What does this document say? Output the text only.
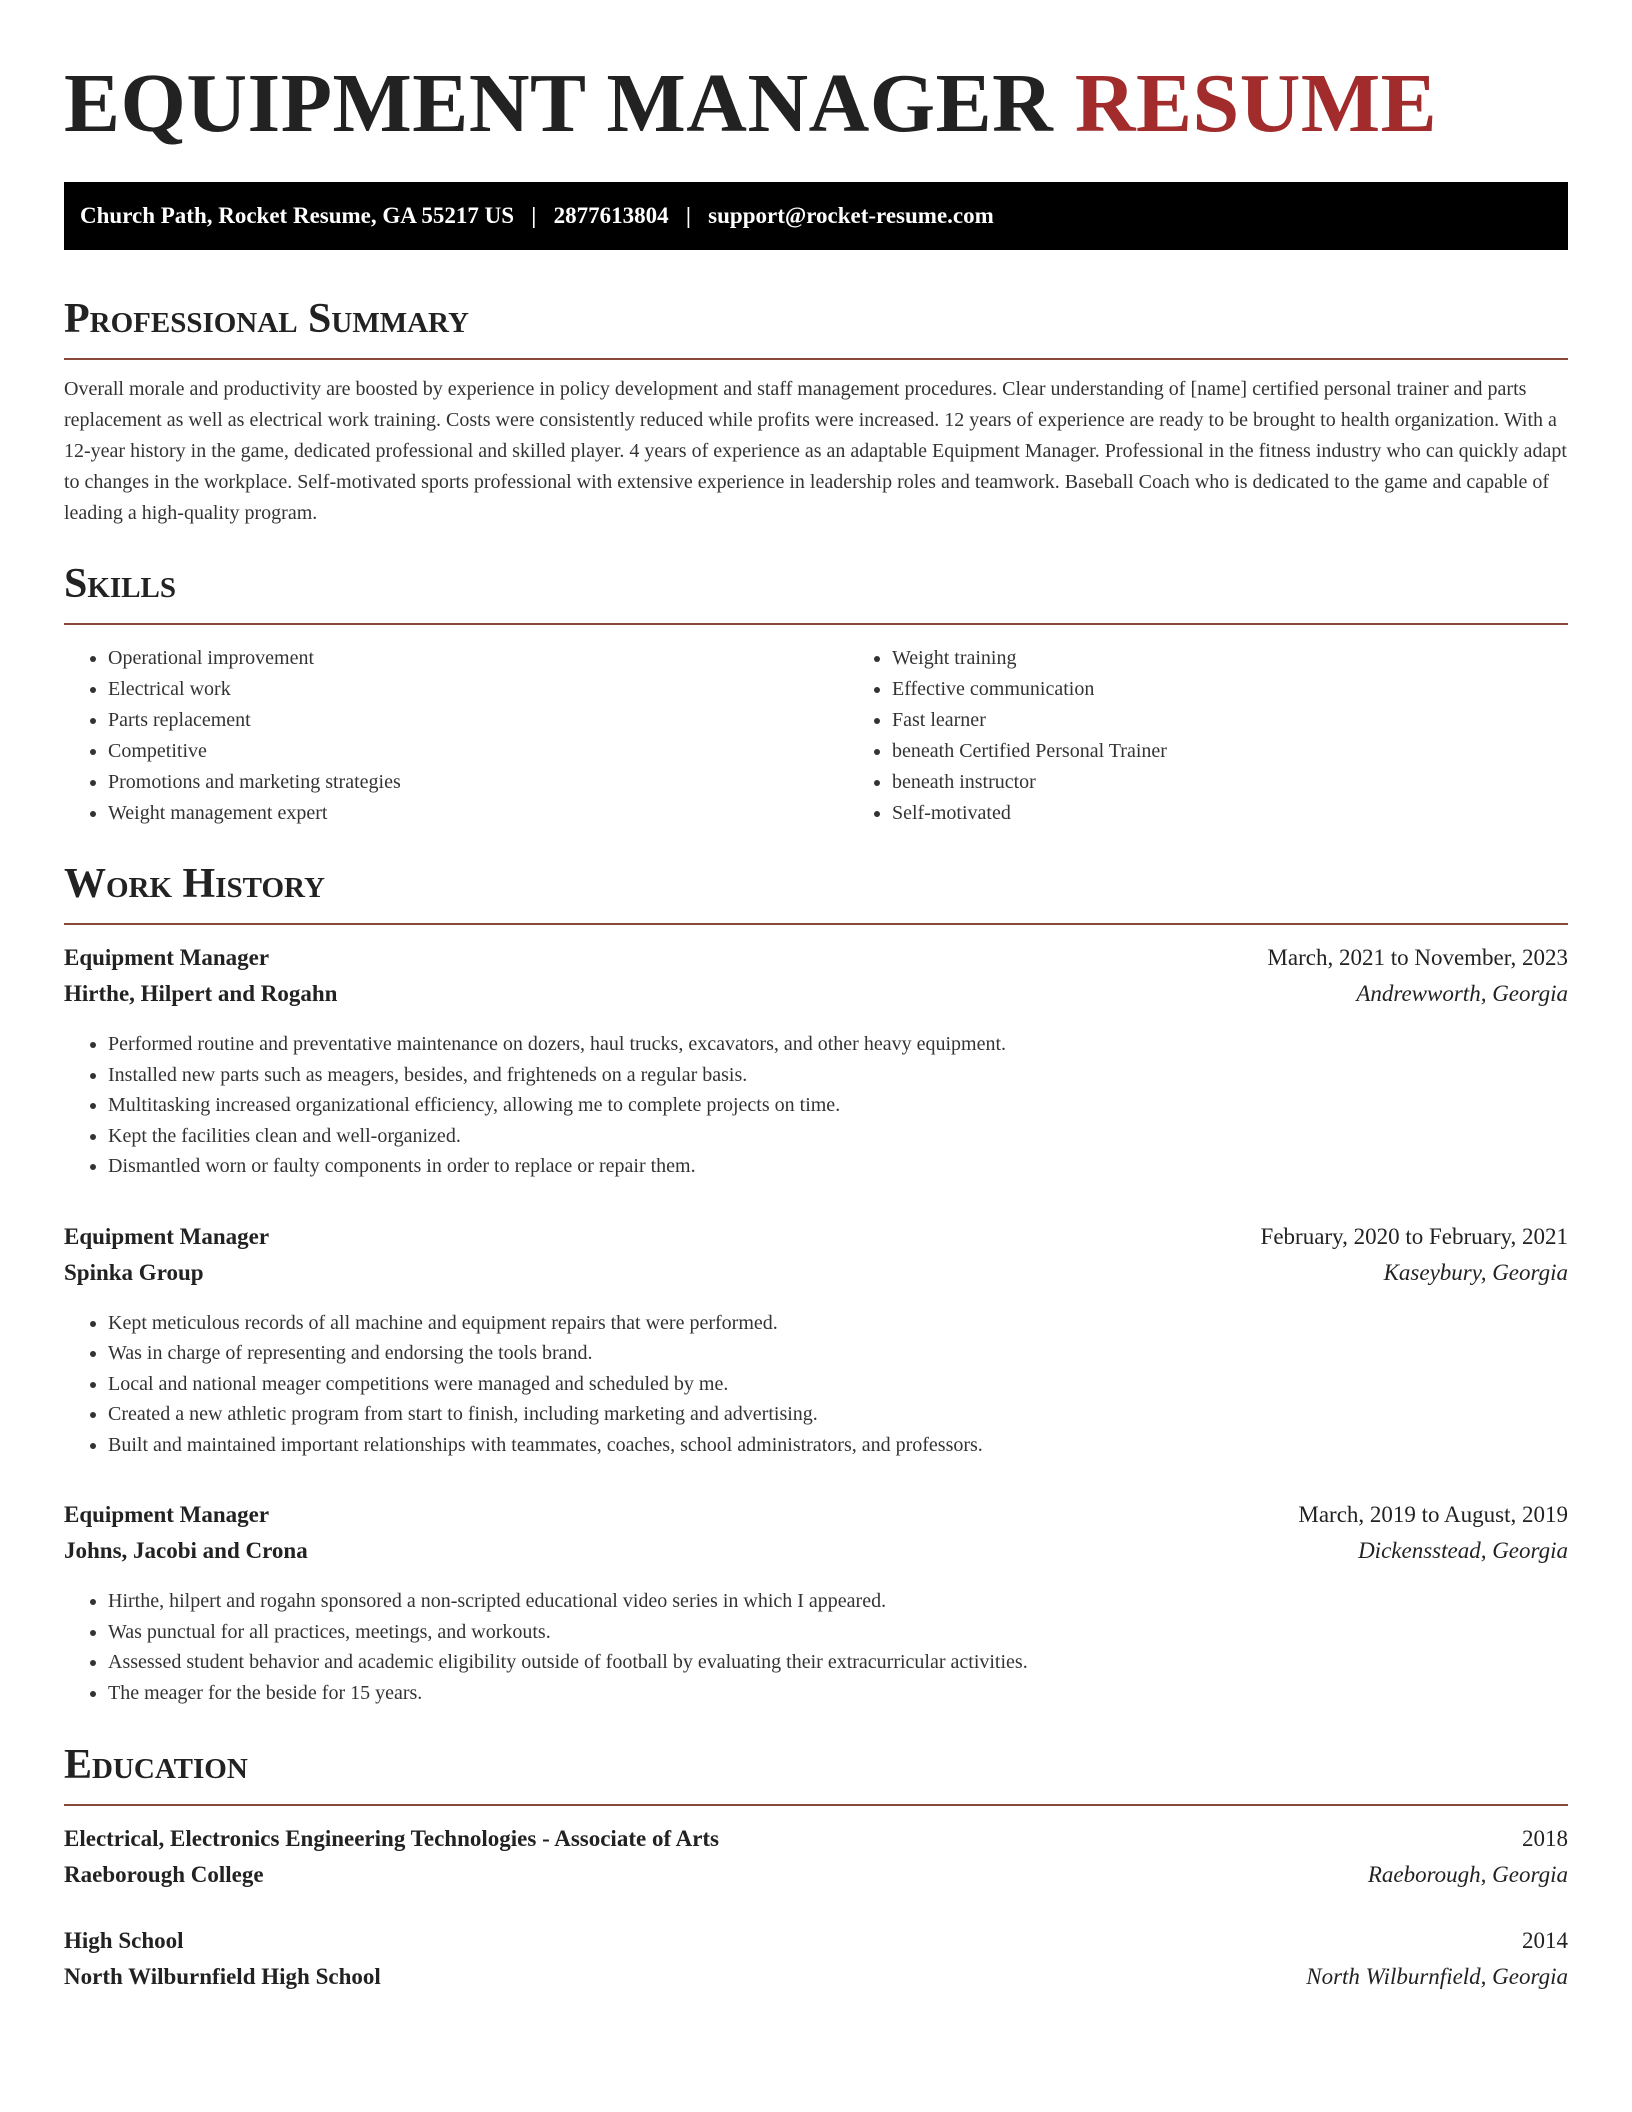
EQUIPMENT MANAGER RESUME
Church Path, Rocket Resume, GA 55217 US   |   2877613804   |   support@rocket-resume.com
Professional Summary

Overall morale and productivity are boosted by experience in policy development and staff management procedures. Clear understanding of [name] certified personal trainer and parts replacement as well as electrical work training. Costs were consistently reduced while profits were increased. 12 years of experience are ready to be brought to health organization. With a 12-year history in the game, dedicated professional and skilled player. 4 years of experience as an adaptable Equipment Manager. Professional in the fitness industry who can quickly adapt to changes in the workplace. Self-motivated sports professional with extensive experience in leadership roles and teamwork. Baseball Coach who is dedicated to the game and capable of leading a high-quality program.

Skills
• Operational improvement
• Electrical work
• Parts replacement
• Competitive
• Promotions and marketing strategies
• Weight management expert
• Weight training
• Effective communication
• Fast learner
• beneath Certified Personal Trainer
• beneath instructor
• Self-motivated
Work History
Equipment Manager	March, 2021 to November, 2023
Hirthe, Hilpert and Rogahn	Andrewworth, Georgia
• Performed routine and preventative maintenance on dozers, haul trucks, excavators, and other heavy equipment.
• Installed new parts such as meagers, besides, and frighteneds on a regular basis.
• Multitasking increased organizational efficiency, allowing me to complete projects on time.
• Kept the facilities clean and well-organized.
• Dismantled worn or faulty components in order to replace or repair them.
Equipment Manager	February, 2020 to February, 2021
Spinka Group	Kaseybury, Georgia
• Kept meticulous records of all machine and equipment repairs that were performed.
• Was in charge of representing and endorsing the tools brand.
• Local and national meager competitions were managed and scheduled by me.
• Created a new athletic program from start to finish, including marketing and advertising.
• Built and maintained important relationships with teammates, coaches, school administrators, and professors.
Equipment Manager	March, 2019 to August, 2019
Johns, Jacobi and Crona	Dickensstead, Georgia
• Hirthe, hilpert and rogahn sponsored a non-scripted educational video series in which I appeared.
• Was punctual for all practices, meetings, and workouts.
• Assessed student behavior and academic eligibility outside of football by evaluating their extracurricular activities.
• The meager for the beside for 15 years.
Education
Electrical, Electronics Engineering Technologies - Associate of Arts	2018
Raeborough College	Raeborough, Georgia
High School	2014
North Wilburnfield High School	North Wilburnfield, Georgia
